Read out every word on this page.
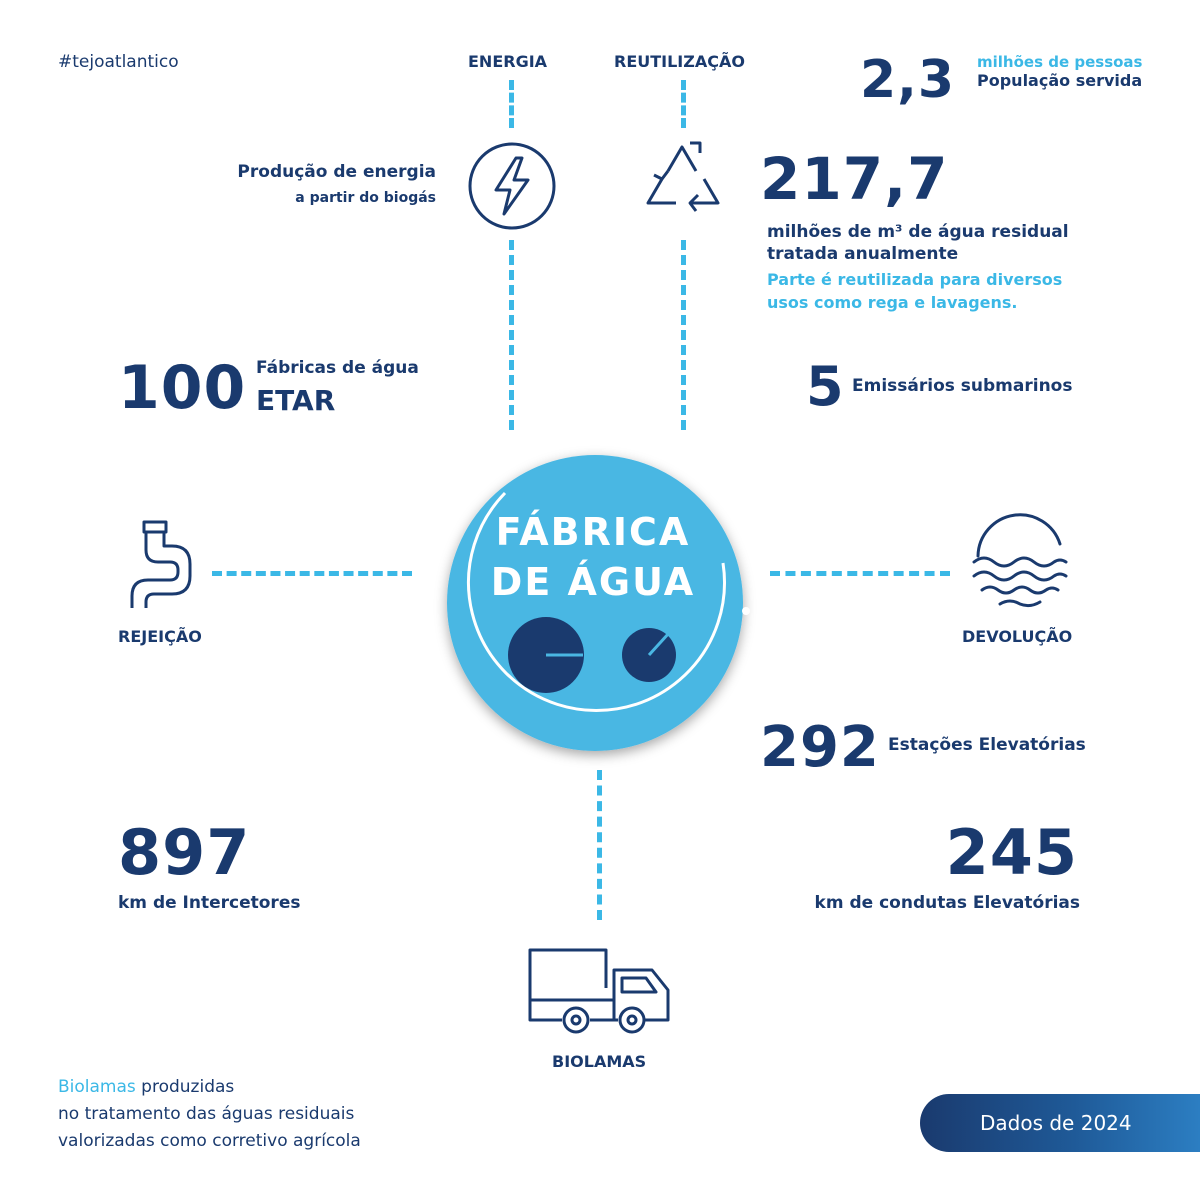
#tejoatlantico	ENERGIA	REUTILIZAÇÃO
Produção de energia
a partir do biogás
2,3 milhões de pessoas
População servida
217,7
milhões de m³ de água residual
tratada anualmente
Parte é reutilizada para diversos
usos como rega e lavagens.
100 Fábricas de água
ETAR	5 Emissários submarinos
FÁBRICA
DE ÁGUA
REJEIÇÃO	DEVOLUÇÃO
292 Estações Elevatórias
897
km de Intercetores
245
km de condutas Elevatórias
BIOLAMAS
Biolamas produzidas
no tratamento das águas residuais
valorizadas como corretivo agrícola
Dados de 2024
